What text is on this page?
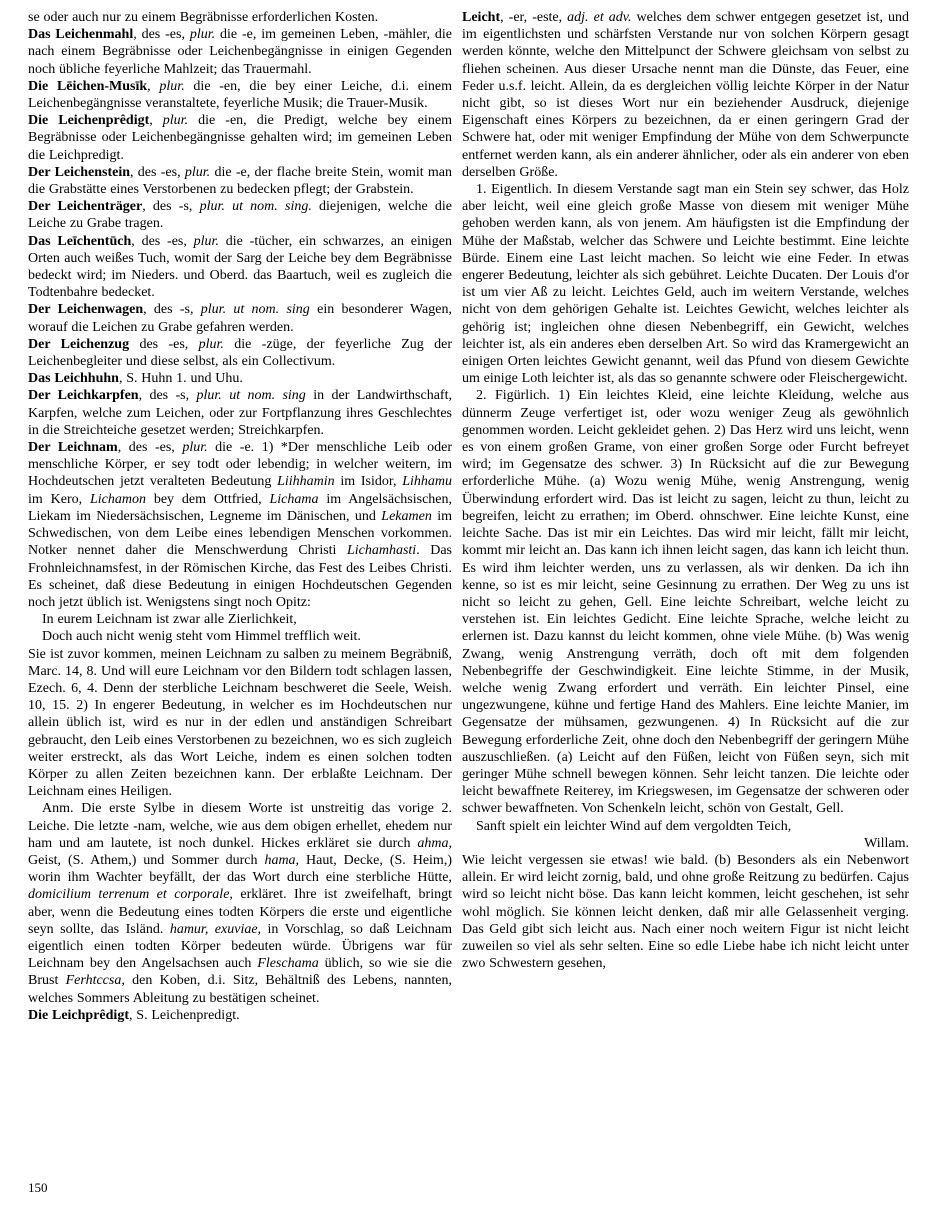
se oder auch nur zu einem Begräbnisse erforderlichen Kosten.

Das Leichenmahl, des -es, plur. die -e, im gemeinen Leben, -mähler, die nach einem Begräbnisse oder Leichenbegängnisse in einigen Gegenden noch übliche feyerliche Mahlzeit; das Trauermahl.

Die Lēichen-Musīk, plur. die -en, die bey einer Leiche, d.i. einem Leichenbegängnisse veranstaltete, feyerliche Musik; die Trauer-Musik.

Die Leichenprêdigt, plur. die -en, die Predigt, welche bey einem Begräbnisse oder Leichenbegängnisse gehalten wird; im gemeinen Leben die Leichpredigt.

Der Leichenstein, des -es, plur. die -e, der flache breite Stein, womit man die Grabstätte eines Verstorbenen zu bedecken pflegt; der Grabstein.

Der Leichenträger, des -s, plur. ut nom. sing. diejenigen, welche die Leiche zu Grabe tragen.

Das Leīchentūch, des -es, plur. die -tücher, ein schwarzes, an einigen Orten auch weißes Tuch, womit der Sarg der Leiche bey dem Begräbnisse bedeckt wird; im Nieders. und Oberd. das Baartuch, weil es zugleich die Todtenbahre bedecket.

Der Leichenwagen, des -s, plur. ut nom. sing ein besonderer Wagen, worauf die Leichen zu Grabe gefahren werden.

Der Leichenzug des -es, plur. die -züge, der feyerliche Zug der Leichenbegleiter und diese selbst, als ein Collectivum.

Das Leichhuhn, S. Huhn 1. und Uhu.

Der Leichkarpfen, des -s, plur. ut nom. sing in der Landwirthschaft, Karpfen, welche zum Leichen, oder zur Fortpflanzung ihres Geschlechtes in die Streichteiche gesetzet werden; Streichkarpfen.

Der Leichnam, des -es, plur. die -e. 1) *Der menschliche Leib oder menschliche Körper, er sey todt oder lebendig; in welcher weitern, im Hochdeutschen jetzt veralteten Bedeutung Liihhamin im Isidor, Lihhamu im Kero, Lichamon bey dem Ottfried, Lichama im Angelsächsischen, Liekam im Niedersächsischen, Legneme im Dänischen, und Lekamen im Schwedischen, von dem Leibe eines lebendigen Menschen vorkommen. Notker nennet daher die Menschwerdung Christi Lichamhasti. Das Frohnleichnamsfest, in der Römischen Kirche, das Fest des Leibes Christi. Es scheinet, daß diese Bedeutung in einigen Hochdeutschen Gegenden noch jetzt üblich ist. Wenigstens singt noch Opitz:

In eurem Leichnam ist zwar alle Zierlichkeit,

Doch auch nicht wenig steht vom Himmel trefflich weit.

Sie ist zuvor kommen, meinen Leichnam zu salben zu meinem Begräbniß, Marc. 14, 8. Und will eure Leichnam vor den Bildern todt schlagen lassen, Ezech. 6, 4. Denn der sterbliche Leichnam beschweret die Seele, Weish. 10, 15. 2) In engerer Bedeutung, in welcher es im Hochdeutschen nur allein üblich ist, wird es nur in der edlen und anständigen Schreibart gebraucht, den Leib eines Verstorbenen zu bezeichnen, wo es sich zugleich weiter erstreckt, als das Wort Leiche, indem es einen solchen todten Körper zu allen Zeiten bezeichnen kann. Der erblaßte Leichnam. Der Leichnam eines Heiligen.

Anm. Die erste Sylbe in diesem Worte ist unstreitig das vorige 2. Leiche. Die letzte -nam, welche, wie aus dem obigen erhellet, ehedem nur ham und am lautete, ist noch dunkel. Hickes erkläret sie durch ahma, Geist, (S. Athem,) und Sommer durch hama, Haut, Decke, (S. Heim,) worin ihm Wachter beyfällt, der das Wort durch eine sterbliche Hütte, domicilium terrenum et corporale, erkläret. Ihre ist zweifelhaft, bringt aber, wenn die Bedeutung eines todten Körpers die erste und eigentliche seyn sollte, das Isländ. hamur, exuviae, in Vorschlag, so daß Leichnam eigentlich einen todten Körper bedeuten würde. Übrigens war für Leichnam bey den Angelsachsen auch Fleschama üblich, so wie sie die Brust Ferhtccsa, den Koben, d.i. Sitz, Behältniß des Lebens, nannten, welches Sommers Ableitung zu bestätigen scheinet.

Die Leichprêdigt, S. Leichenpredigt.

Leicht, -er, -este, adj. et adv. welches dem schwer entgegen gesetzet ist, und im eigentlichsten und schärfsten Verstande nur von solchen Körpern gesagt werden könnte, welche den Mittelpunct der Schwere gleichsam von selbst zu fliehen scheinen. Aus dieser Ursache nennt man die Dünste, das Feuer, eine Feder u.s.f. leicht. Allein, da es dergleichen völlig leichte Körper in der Natur nicht gibt, so ist dieses Wort nur ein beziehender Ausdruck, diejenige Eigenschaft eines Körpers zu bezeichnen, da er einen geringern Grad der Schwere hat, oder mit weniger Empfindung der Mühe von dem Schwerpuncte entfernet werden kann, als ein anderer ähnlicher, oder als ein anderer von eben derselben Größe.

1. Eigentlich. In diesem Verstande sagt man ein Stein sey schwer, das Holz aber leicht, weil eine gleich große Masse von diesem mit weniger Mühe gehoben werden kann, als von jenem. Am häufigsten ist die Empfindung der Mühe der Maßstab, welcher das Schwere und Leichte bestimmt. Eine leichte Bürde. Einem eine Last leicht machen. So leicht wie eine Feder. In etwas engerer Bedeutung, leichter als sich gebühret. Leichte Ducaten. Der Louis d'or ist um vier Aß zu leicht. Leichtes Geld, auch im weitern Verstande, welches nicht von dem gehörigen Gehalte ist. Leichtes Gewicht, welches leichter als gehörig ist; ingleichen ohne diesen Nebenbegriff, ein Gewicht, welches leichter ist, als ein anderes eben derselben Art. So wird das Kramergewicht an einigen Orten leichtes Gewicht genannt, weil das Pfund von diesem Gewichte um einige Loth leichter ist, als das so genannte schwere oder Fleischergewicht.

2. Figürlich. 1) Ein leichtes Kleid, eine leichte Kleidung, welche aus dünnerm Zeuge verfertiget ist, oder wozu weniger Zeug als gewöhnlich genommen worden. Leicht gekleidet gehen. 2) Das Herz wird uns leicht, wenn es von einem großen Grame, von einer großen Sorge oder Furcht befreyet wird; im Gegensatze des schwer. 3) In Rücksicht auf die zur Bewegung erforderliche Mühe. (a) Wozu wenig Mühe, wenig Anstrengung, wenig Überwindung erfordert wird. Das ist leicht zu sagen, leicht zu thun, leicht zu begreifen, leicht zu errathen; im Oberd. ohnschwer. Eine leichte Kunst, eine leichte Sache. Das ist mir ein Leichtes. Das wird mir leicht, fällt mir leicht, kommt mir leicht an. Das kann ich ihnen leicht sagen, das kann ich leicht thun. Es wird ihm leichter werden, uns zu verlassen, als wir denken. Da ich ihn kenne, so ist es mir leicht, seine Gesinnung zu errathen. Der Weg zu uns ist nicht so leicht zu gehen, Gell. Eine leichte Schreibart, welche leicht zu verstehen ist. Ein leichtes Gedicht. Eine leichte Sprache, welche leicht zu erlernen ist. Dazu kannst du leicht kommen, ohne viele Mühe. (b) Was wenig Zwang, wenig Anstrengung verräth, doch oft mit dem folgenden Nebenbegriffe der Geschwindigkeit. Eine leichte Stimme, in der Musik, welche wenig Zwang erfordert und verräth. Ein leichter Pinsel, eine ungezwungene, kühne und fertige Hand des Mahlers. Eine leichte Manier, im Gegensatze der mühsamen, gezwungenen. 4) In Rücksicht auf die zur Bewegung erforderliche Zeit, ohne doch den Nebenbegriff der geringern Mühe auszuschließen. (a) Leicht auf den Füßen, leicht von Füßen seyn, sich mit geringer Mühe schnell bewegen können. Sehr leicht tanzen. Die leichte oder leicht bewaffnete Reiterey, im Kriegswesen, im Gegensatze der schweren oder schwer bewaffneten. Von Schenkeln leicht, schön von Gestalt, Gell.

Sanft spielt ein leichter Wind auf dem vergoldten Teich,

Willam.

Wie leicht vergessen sie etwas! wie bald. (b) Besonders als ein Nebenwort allein. Er wird leicht zornig, bald, und ohne große Reitzung zu bedürfen. Cajus wird so leicht nicht böse. Das kann leicht kommen, leicht geschehen, ist sehr wohl möglich. Sie können leicht denken, daß mir alle Gelassenheit verging. Das Geld gibt sich leicht aus. Nach einer noch weitern Figur ist nicht leicht zuweilen so viel als sehr selten. Eine so edle Liebe habe ich nicht leicht unter zwo Schwestern gesehen,

150
